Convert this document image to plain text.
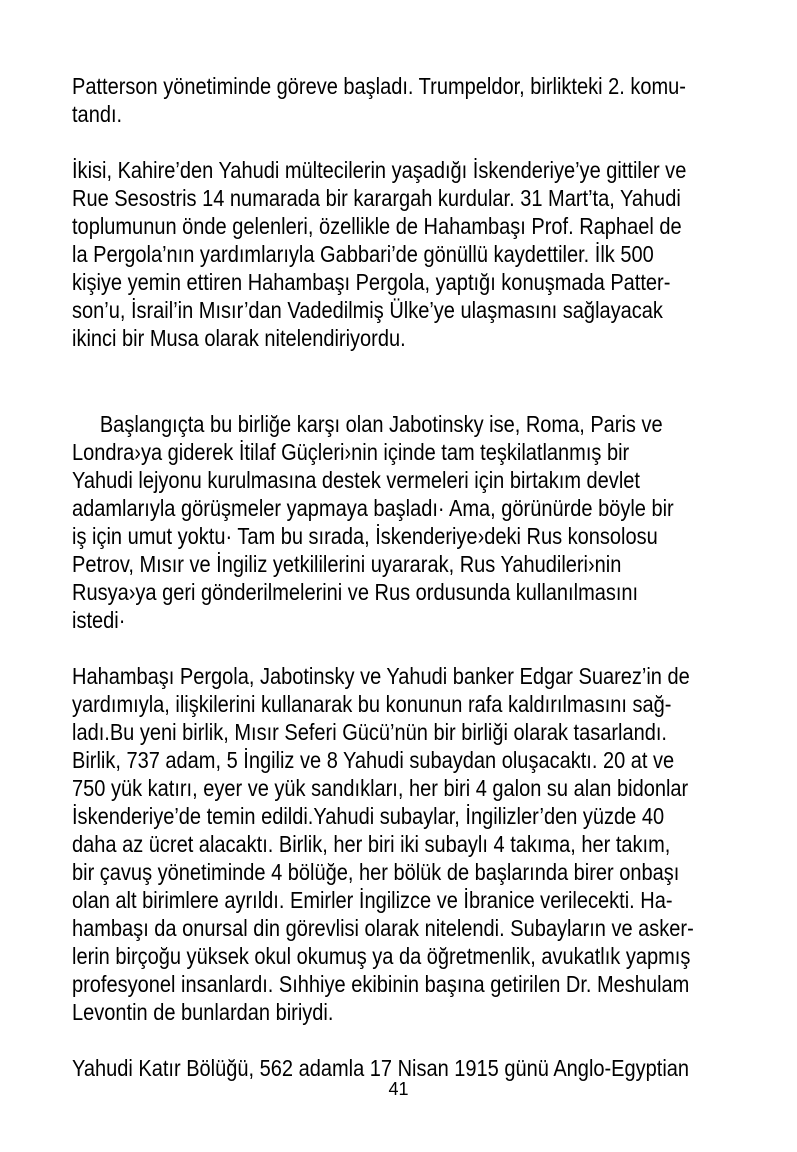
Patterson yönetiminde göreve başladı. Trumpeldor, birlikteki 2. komu-
tandı.
İkisi, Kahire’den Yahudi mültecilerin yaşadığı İskenderiye’ye gittiler ve
Rue Sesostris 14 numarada bir karargah kurdular. 31 Mart’ta, Yahudi
toplumunun önde gelenleri, özellikle de Hahambaşı Prof. Raphael de
la Pergola’nın yardımlarıyla Gabbari’de gönüllü kaydettiler. İlk 500
kişiye yemin ettiren Hahambaşı Pergola, yaptığı konuşmada Patter-
son’u, İsrail’in Mısır’dan Vadedilmiş Ülke’ye ulaşmasını sağlayacak
ikinci bir Musa olarak nitelendiriyordu.
Başlangıçta bu birliğe karşı olan Jabotinsky ise, Roma, Paris ve
Londra›ya giderek İtilaf Güçleri›nin içinde tam teşkilatlanmış bir
Yahudi lejyonu kurulmasına destek vermeleri için birtakım devlet
adamlarıyla görüşmeler yapmaya başladı· Ama, görünürde böyle bir
iş için umut yoktu· Tam bu sırada, İskenderiye›deki Rus konsolosu
Petrov, Mısır ve İngiliz yetkililerini uyararak, Rus Yahudileri›nin
Rusya›ya geri gönderilmelerini ve Rus ordusunda kullanılmasını
istedi·
Hahambaşı Pergola, Jabotinsky ve Yahudi banker Edgar Suarez’in de
yardımıyla, ilişkilerini kullanarak bu konunun rafa kaldırılmasını sağ-
ladı.Bu yeni birlik, Mısır Seferi Gücü’nün bir birliği olarak tasarlandı.
Birlik, 737 adam, 5 İngiliz ve 8 Yahudi subaydan oluşacaktı. 20 at ve
750 yük katırı, eyer ve yük sandıkları, her biri 4 galon su alan bidonlar
İskenderiye’de temin edildi.Yahudi subaylar, İngilizler’den yüzde 40
daha az ücret alacaktı. Birlik, her biri iki subaylı 4 takıma, her takım,
bir çavuş yönetiminde 4 bölüğe, her bölük de başlarında birer onbaşı
olan alt birimlere ayrıldı. Emirler İngilizce ve İbranice verilecekti. Ha-
hambaşı da onursal din görevlisi olarak nitelendi. Subayların ve asker-
lerin birçoğu yüksek okul okumuş ya da öğretmenlik, avukatlık yapmış
profesyonel insanlardı. Sıhhiye ekibinin başına getirilen Dr. Meshulam
Levontin de bunlardan biriydi.
Yahudi Katır Bölüğü, 562 adamla 17 Nisan 1915 günü Anglo-Egyptian
41
